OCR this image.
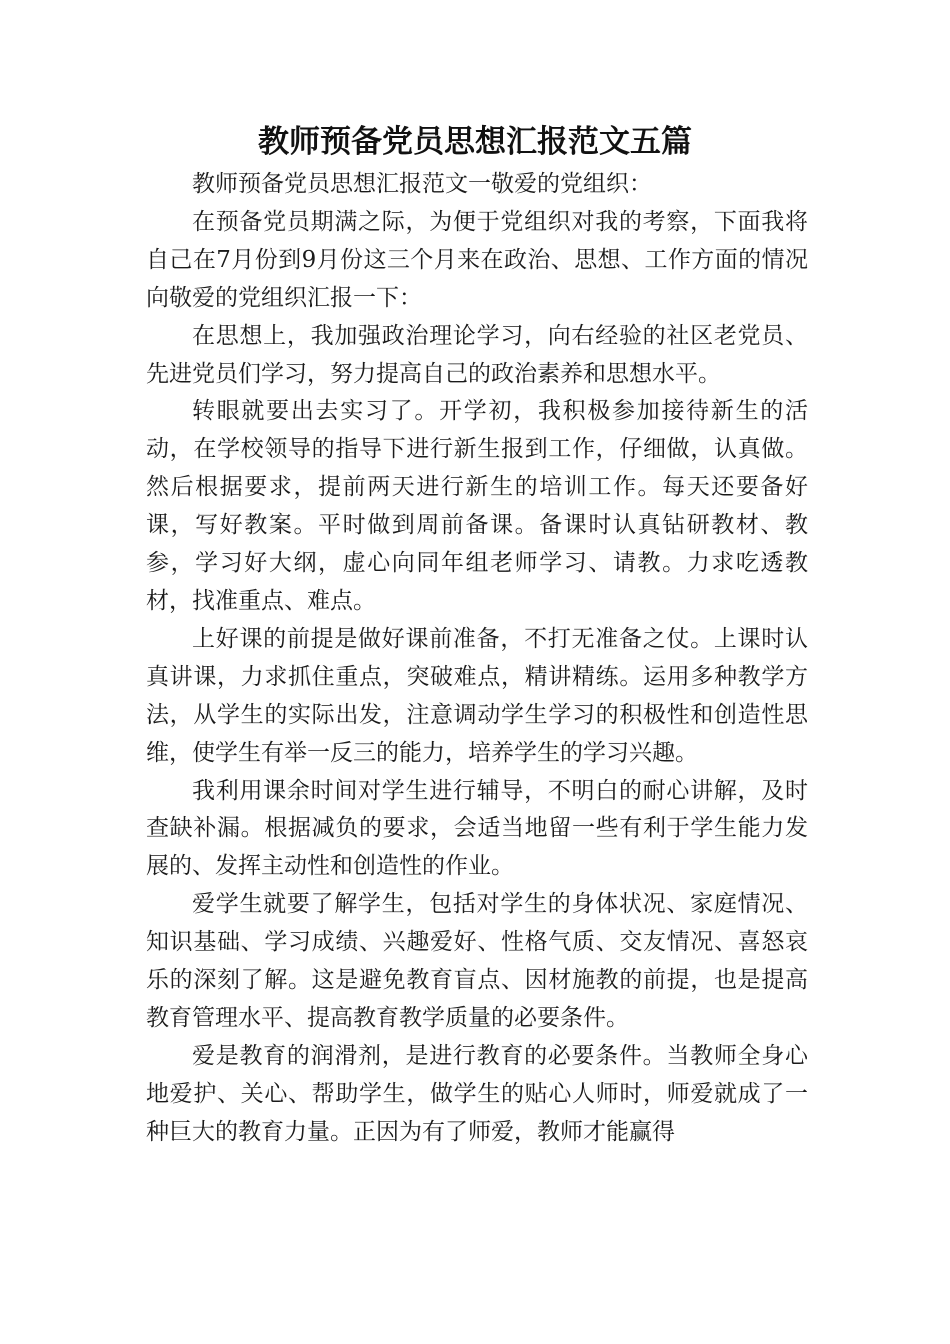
教师预备党员思想汇报范文五篇

教师预备党员思想汇报范文一敬爱的党组织：

在预备党员期满之际，为便于党组织对我的考察，下面我将自己在7月份到9月份这三个月来在政治、思想、工作方面的情况向敬爱的党组织汇报一下：

在思想上，我加强政治理论学习，向右经验的社区老党员、先进党员们学习，努力提高自己的政治素养和思想水平。

转眼就要出去实习了。开学初，我积极参加接待新生的活动，在学校领导的指导下进行新生报到工作，仔细做，认真做。然后根据要求，提前两天进行新生的培训工作。每天还要备好课，写好教案。平时做到周前备课。备课时认真钻研教材、教参，学习好大纲，虚心向同年组老师学习、请教。力求吃透教材，找准重点、难点。

上好课的前提是做好课前准备，不打无准备之仗。上课时认真讲课，力求抓住重点，突破难点，精讲精练。运用多种教学方法，从学生的实际出发，注意调动学生学习的积极性和创造性思维，使学生有举一反三的能力，培养学生的学习兴趣。

我利用课余时间对学生进行辅导，不明白的耐心讲解，及时查缺补漏。根据减负的要求，会适当地留一些有利于学生能力发展的、发挥主动性和创造性的作业。

爱学生就要了解学生，包括对学生的身体状况、家庭情况、知识基础、学习成绩、兴趣爱好、性格气质、交友情况、喜怒哀乐的深刻了解。这是避免教育盲点、因材施教的前提，也是提高教育管理水平、提高教育教学质量的必要条件。

爱是教育的润滑剂，是进行教育的必要条件。当教师全身心地爱护、关心、帮助学生，做学生的贴心人师时，师爱就成了一种巨大的教育力量。正因为有了师爱，教师才能赢得
